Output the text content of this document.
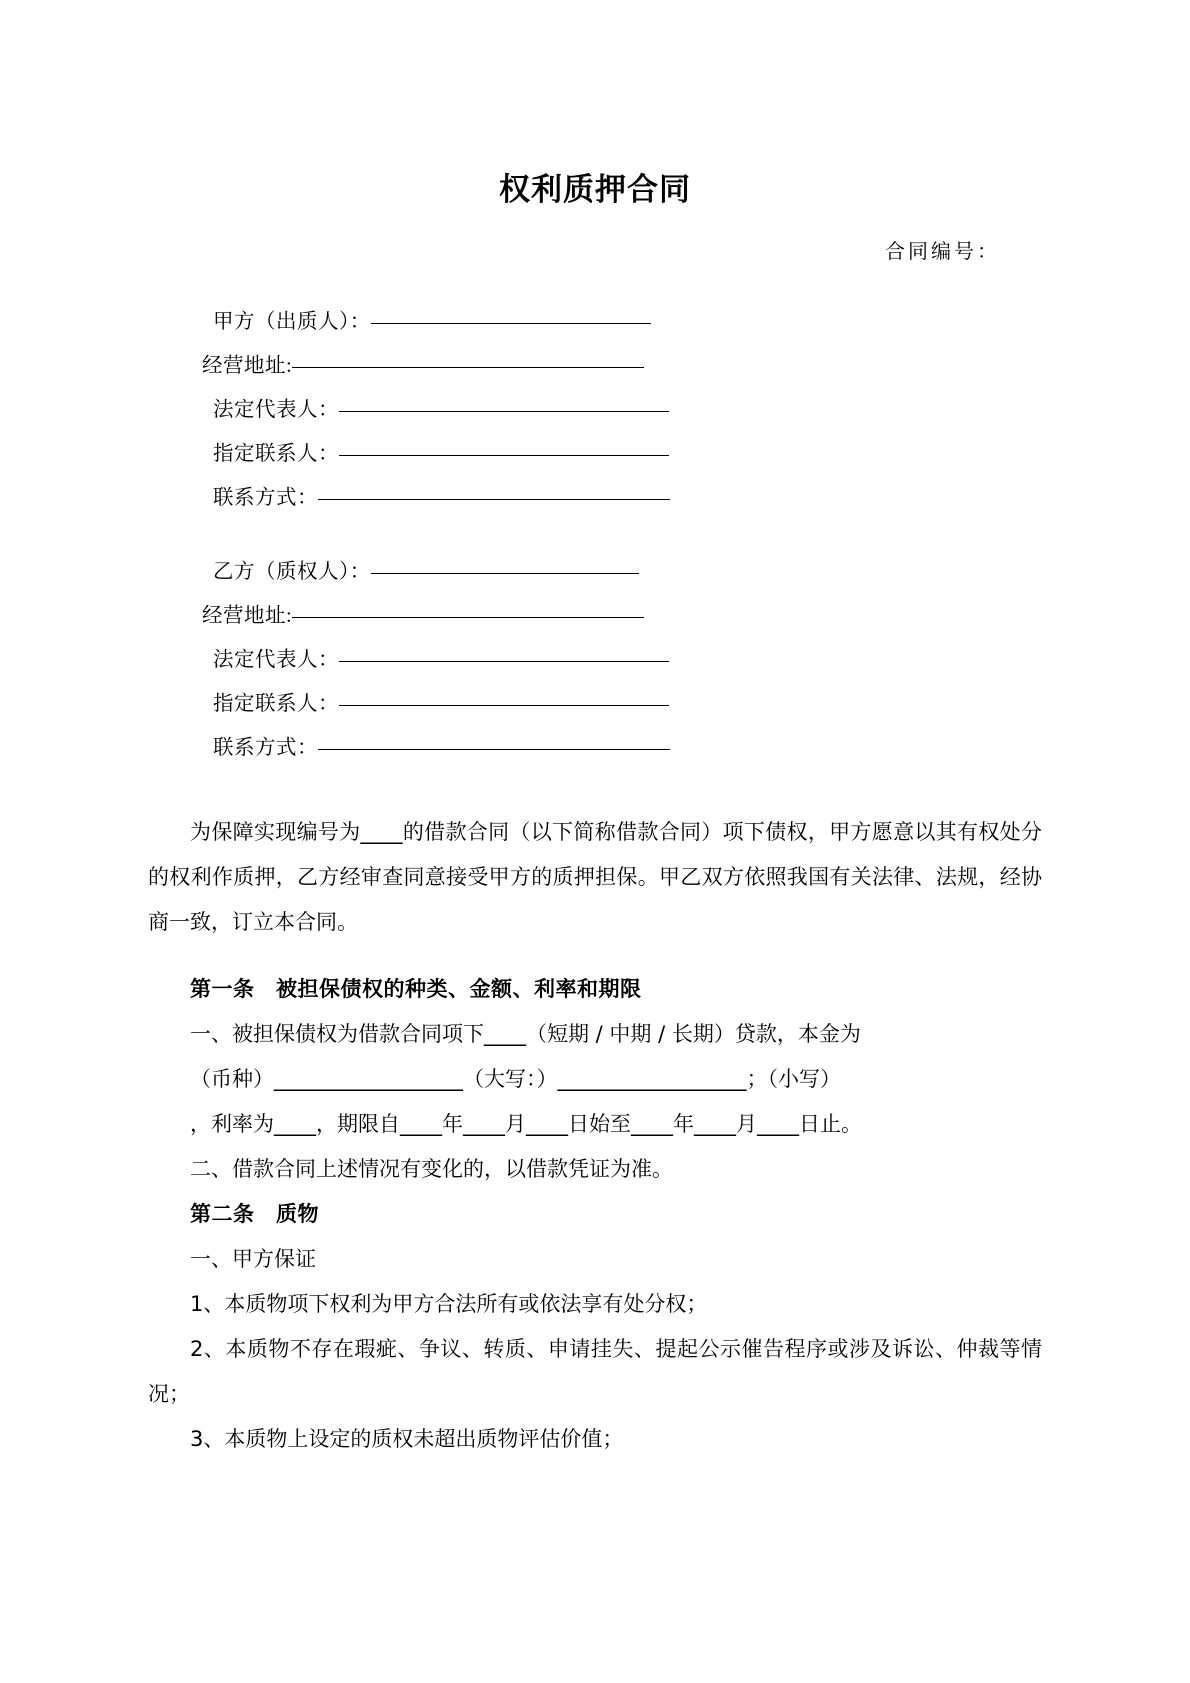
权利质押合同
合同编号：
甲方（出质人）：
经营地址:
法定代表人：
指定联系人：
联系方式：
乙方（质权人）：
经营地址:
法定代表人：
指定联系人：
联系方式：

为保障实现编号为____的借款合同（以下简称借款合同）项下债权，甲方愿意以其有权处分的权利作质押，乙方经审查同意接受甲方的质押担保。甲乙双方依照我国有关法律、法规，经协商一致，订立本合同。

第一条　被担保债权的种类、金额、利率和期限

一、被担保债权为借款合同项下____（短期 / 中期 / 长期）贷款，本金为

（币种）__________________（大写：）__________________；（小写）

，利率为____，期限自____年____月____日始至____年____月____日止。

二、借款合同上述情况有变化的，以借款凭证为准。

第二条　质物

一、甲方保证

1、本质物项下权利为甲方合法所有或依法享有处分权；

2、本质物不存在瑕疵、争议、转质、申请挂失、提起公示催告程序或涉及诉讼、仲裁等情况；

3、本质物上设定的质权未超出质物评估价值；
